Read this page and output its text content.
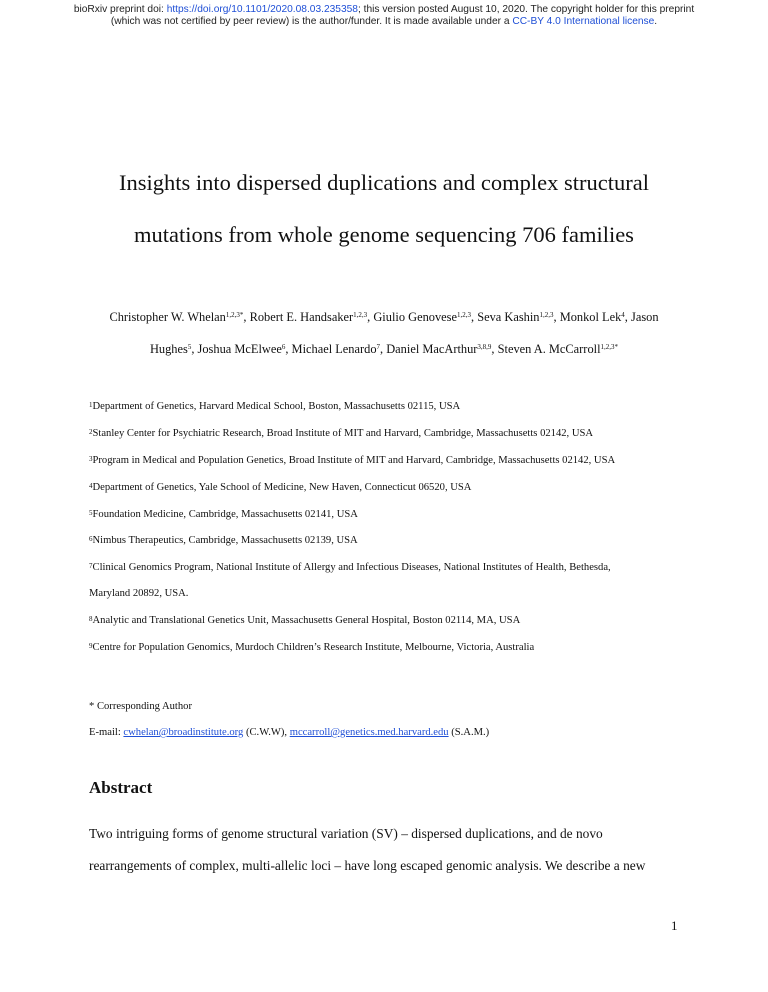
bioRxiv preprint doi: https://doi.org/10.1101/2020.08.03.235358; this version posted August 10, 2020. The copyright holder for this preprint
(which was not certified by peer review) is the author/funder. It is made available under a CC-BY 4.0 International license.
Insights into dispersed duplications and complex structural
mutations from whole genome sequencing 706 families
Christopher W. Whelan$^{1,2,3*}$, Robert E. Handsaker$^{1,2,3}$, Giulio Genovese$^{1,2,3}$, Seva Kashin$^{1,2,3}$, Monkol Lek$^4$, Jason
Hughes$^5$, Joshua McElwee$^6$, Michael Lenardo$^7$, Daniel MacArthur$^{3,8,9}$, Steven A. McCarroll$^{1,2,3*}$
$^1$Department of Genetics, Harvard Medical School, Boston, Massachusetts 02115, USA
$^2$Stanley Center for Psychiatric Research, Broad Institute of MIT and Harvard, Cambridge, Massachusetts 02142, USA
$^3$Program in Medical and Population Genetics, Broad Institute of MIT and Harvard, Cambridge, Massachusetts 02142, USA
$^4$Department of Genetics, Yale School of Medicine, New Haven, Connecticut 06520, USA
$^5$Foundation Medicine, Cambridge, Massachusetts 02141, USA
$^6$Nimbus Therapeutics, Cambridge, Massachusetts 02139, USA
$^7$Clinical Genomics Program, National Institute of Allergy and Infectious Diseases, National Institutes of Health, Bethesda,
Maryland 20892, USA.
$^8$Analytic and Translational Genetics Unit, Massachusetts General Hospital, Boston 02114, MA, USA
$^9$Centre for Population Genomics, Murdoch Children’s Research Institute, Melbourne, Victoria, Australia
* Corresponding Author
E-mail: cwhelan@broadinstitute.org (C.W.W), mccarroll@genetics.med.harvard.edu (S.A.M.)
Abstract
Two intriguing forms of genome structural variation (SV) – dispersed duplications, and de novo
rearrangements of complex, multi-allelic loci – have long escaped genomic analysis. We describe a new
1
